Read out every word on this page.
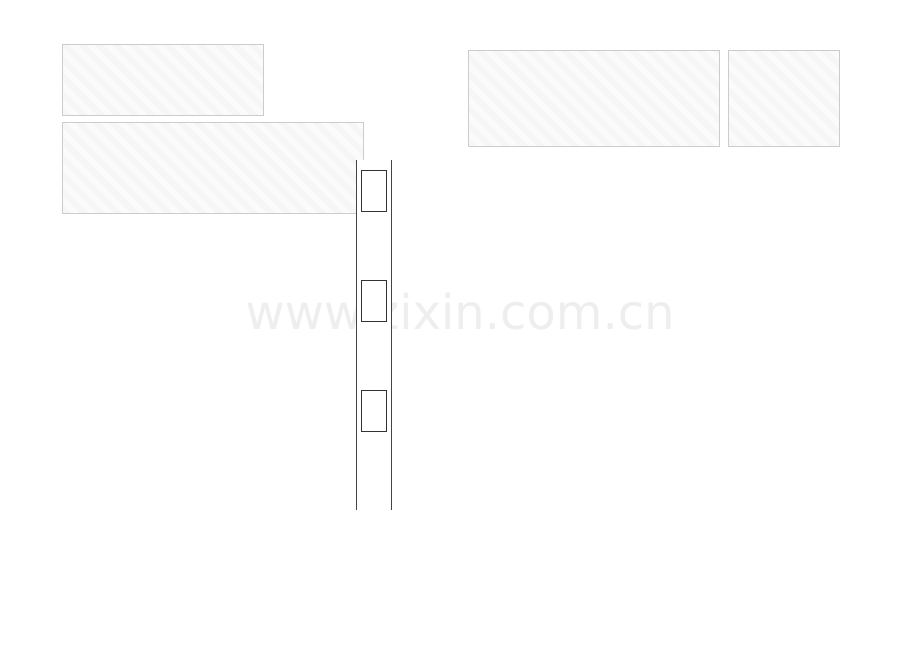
www.zixin.com.cn
